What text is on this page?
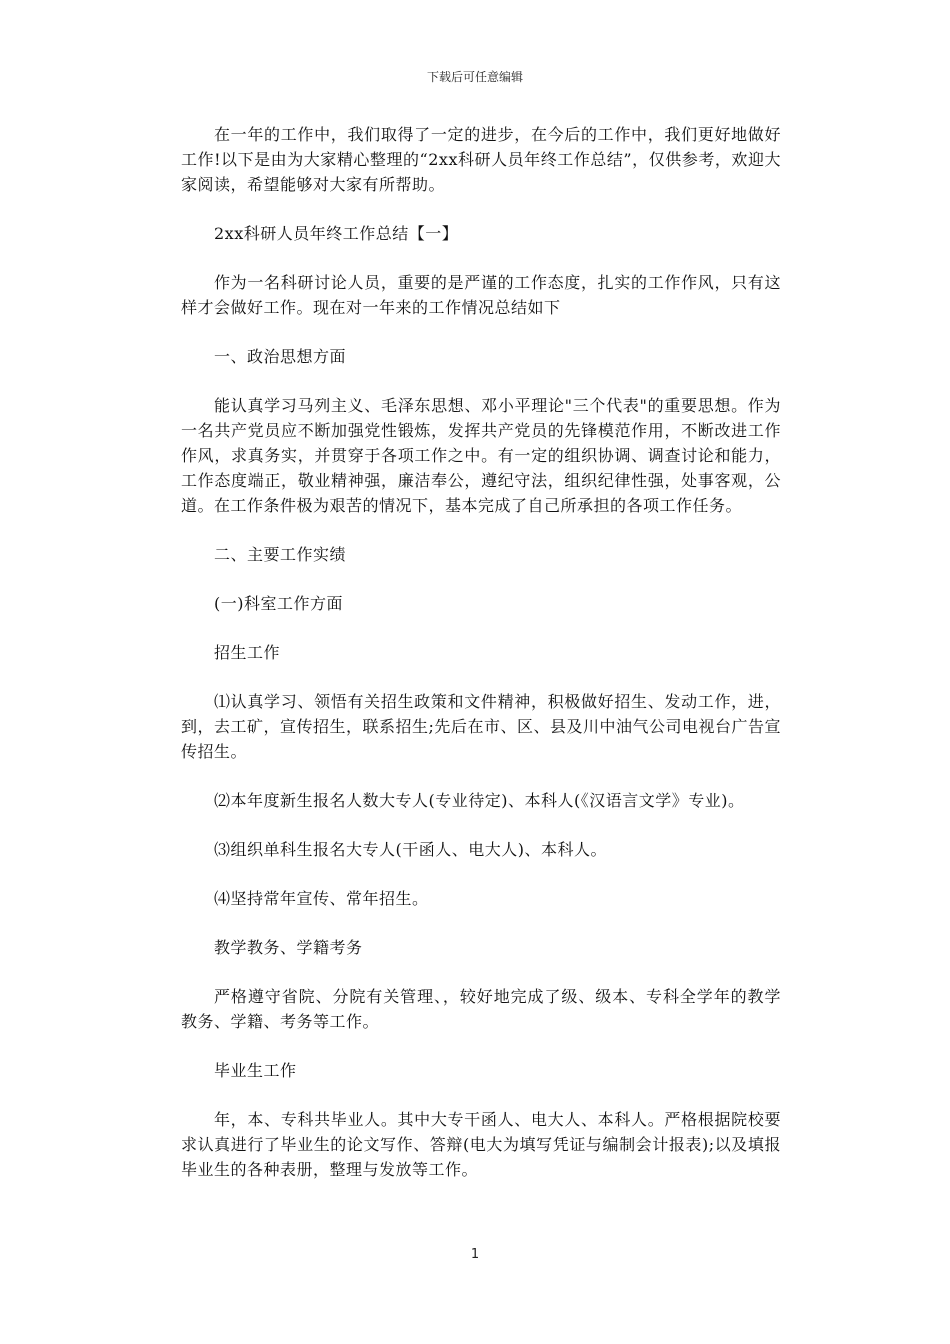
下载后可任意编辑

在一年的工作中，我们取得了一定的进步，在今后的工作中，我们更好地做好工作!以下是由为大家精心整理的“2xx科研人员年终工作总结”，仅供参考，欢迎大家阅读，希望能够对大家有所帮助。

2xx科研人员年终工作总结【一】

作为一名科研讨论人员，重要的是严谨的工作态度，扎实的工作作风，只有这样才会做好工作。现在对一年来的工作情况总结如下

一、政治思想方面

能认真学习马列主义、毛泽东思想、邓小平理论"三个代表"的重要思想。作为一名共产党员应不断加强党性锻炼，发挥共产党员的先锋模范作用，不断改进工作作风，求真务实，并贯穿于各项工作之中。有一定的组织协调、调查讨论和能力，工作态度端正，敬业精神强，廉洁奉公，遵纪守法，组织纪律性强，处事客观，公道。在工作条件极为艰苦的情况下，基本完成了自己所承担的各项工作任务。

二、主要工作实绩

(一)科室工作方面

招生工作

⑴认真学习、领悟有关招生政策和文件精神，积极做好招生、发动工作，进，到，去工矿，宣传招生，联系招生;先后在市、区、县及川中油气公司电视台广告宣传招生。

⑵本年度新生报名人数大专人(专业待定)、本科人(《汉语言文学》专业)。

⑶组织单科生报名大专人(干函人、电大人)、本科人。

⑷坚持常年宣传、常年招生。

教学教务、学籍考务

严格遵守省院、分院有关管理、，较好地完成了级、级本、专科全学年的教学教务、学籍、考务等工作。

毕业生工作

年，本、专科共毕业人。其中大专干函人、电大人、本科人。严格根据院校要求认真进行了毕业生的论文写作、答辩(电大为填写凭证与编制会计报表);以及填报毕业生的各种表册，整理与发放等工作。

1
